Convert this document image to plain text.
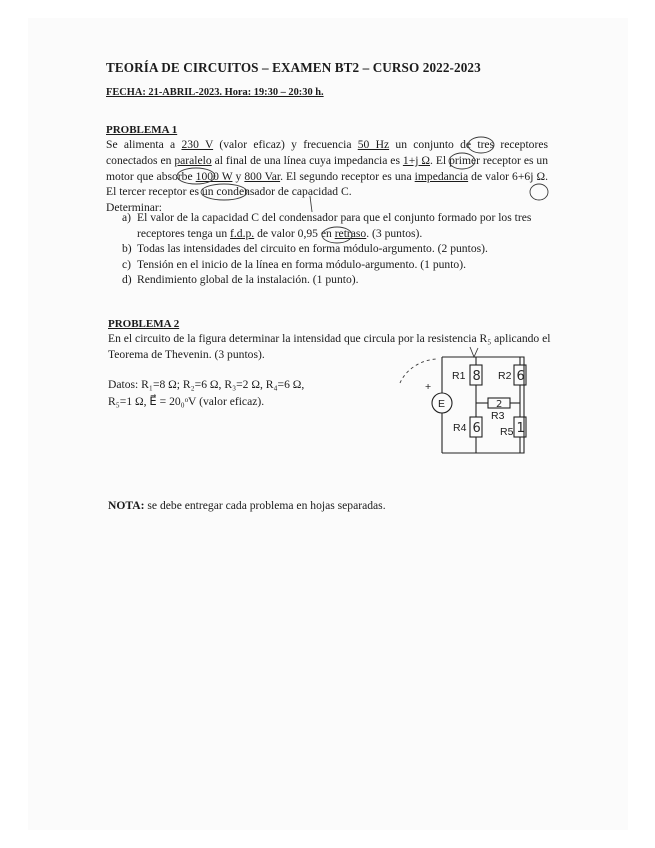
TEORÍA DE CIRCUITOS – EXAMEN BT2 – CURSO 2022-2023
FECHA: 21-ABRIL-2023. Hora: 19:30 – 20:30 h.
PROBLEMA 1

Se alimenta a 230 V (valor eficaz) y frecuencia 50 Hz un conjunto de tres receptores conectados en paralelo al final de una línea cuya impedancia es 1+j Ω. El primer receptor es un motor que absorbe 1000 W y 800 Var. El segundo receptor es una impedancia de valor 6+6j Ω. El tercer receptor es un condensador de capacidad C.

Determinar:

a) El valor de la capacidad C del condensador para que el conjunto formado por los tres receptores tenga un f.d.p. de valor 0,95 en retraso. (3 puntos).
b) Todas las intensidades del circuito en forma módulo-argumento. (2 puntos).
c) Tensión en el inicio de la línea en forma módulo-argumento. (1 punto).
d) Rendimiento global de la instalación. (1 punto).
PROBLEMA 2
En el circuito de la figura determinar la intensidad que circula por la resistencia R₅ aplicando el Teorema de Thevenin. (3 puntos).
Datos: R₁=8 Ω; R₂=6 Ω, R₃=2 Ω, R₄=6 Ω,
R₅=1 Ω, E⃗ = 20₀ᵒV (valor eficaz).	E
+
R1	R2
R3
R4	R5
8	6
2
6	1
NOTA: se debe entregar cada problema en hojas separadas.
